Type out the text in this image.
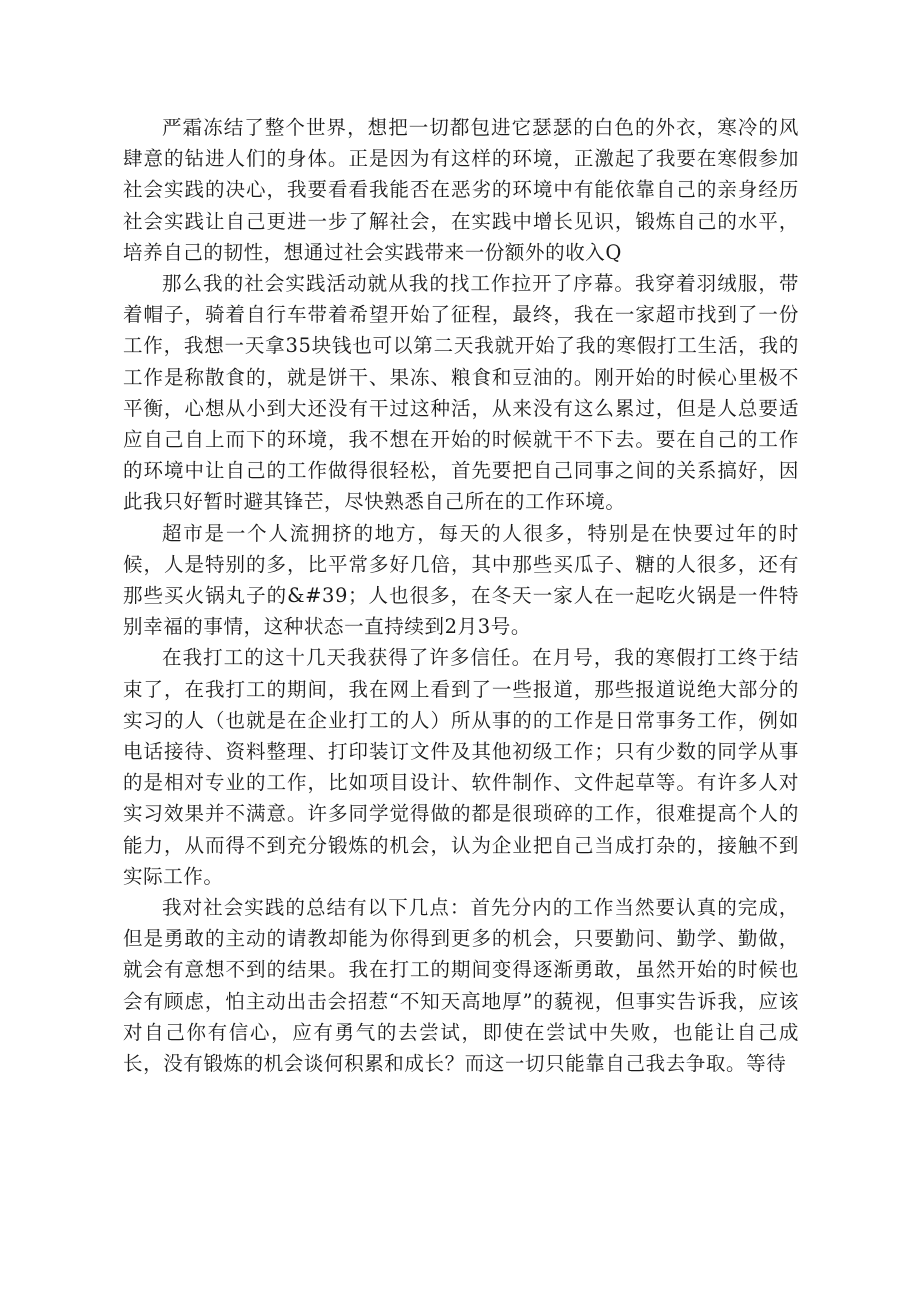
严霜冻结了整个世界，想把一切都包进它瑟瑟的白色的外衣，寒冷的风肆意的钻进人们的身体。正是因为有这样的环境，正激起了我要在寒假参加社会实践的决心，我要看看我能否在恶劣的环境中有能依靠自己的亲身经历社会实践让自己更进一步了解社会，在实践中增长见识，锻炼自己的水平，培养自己的韧性，想通过社会实践带来一份额外的收入Q

那么我的社会实践活动就从我的找工作拉开了序幕。我穿着羽绒服，带着帽子，骑着自行车带着希望开始了征程，最终，我在一家超市找到了一份工作，我想一天拿35块钱也可以第二天我就开始了我的寒假打工生活，我的工作是称散食的，就是饼干、果冻、粮食和豆油的。刚开始的时候心里极不平衡，心想从小到大还没有干过这种活，从来没有这么累过，但是人总要适应自己自上而下的环境，我不想在开始的时候就干不下去。要在自己的工作的环境中让自己的工作做得很轻松，首先要把自己同事之间的关系搞好，因此我只好暂时避其锋芒，尽快熟悉自己所在的工作环境。

超市是一个人流拥挤的地方，每天的人很多，特别是在快要过年的时候，人是特别的多，比平常多好几倍，其中那些买瓜子、糖的人很多，还有那些买火锅丸子的&#39；人也很多，在冬天一家人在一起吃火锅是一件特别幸福的事情，这种状态一直持续到2月3号。

在我打工的这十几天我获得了许多信任。在月号，我的寒假打工终于结束了，在我打工的期间，我在网上看到了一些报道，那些报道说绝大部分的实习的人（也就是在企业打工的人）所从事的的工作是日常事务工作，例如电话接待、资料整理、打印装订文件及其他初级工作；只有少数的同学从事的是相对专业的工作，比如项目设计、软件制作、文件起草等。有许多人对实习效果并不满意。许多同学觉得做的都是很琐碎的工作，很难提高个人的能力，从而得不到充分锻炼的机会，认为企业把自己当成打杂的，接触不到实际工作。

我对社会实践的总结有以下几点：首先分内的工作当然要认真的完成，但是勇敢的主动的请教却能为你得到更多的机会，只要勤问、勤学、勤做，就会有意想不到的结果。我在打工的期间变得逐渐勇敢，虽然开始的时候也会有顾虑，怕主动出击会招惹“不知天高地厚”的藐视，但事实告诉我，应该对自己你有信心，应有勇气的去尝试，即使在尝试中失败，也能让自己成长，没有锻炼的机会谈何积累和成长？而这一切只能靠自己我去争取。等待
